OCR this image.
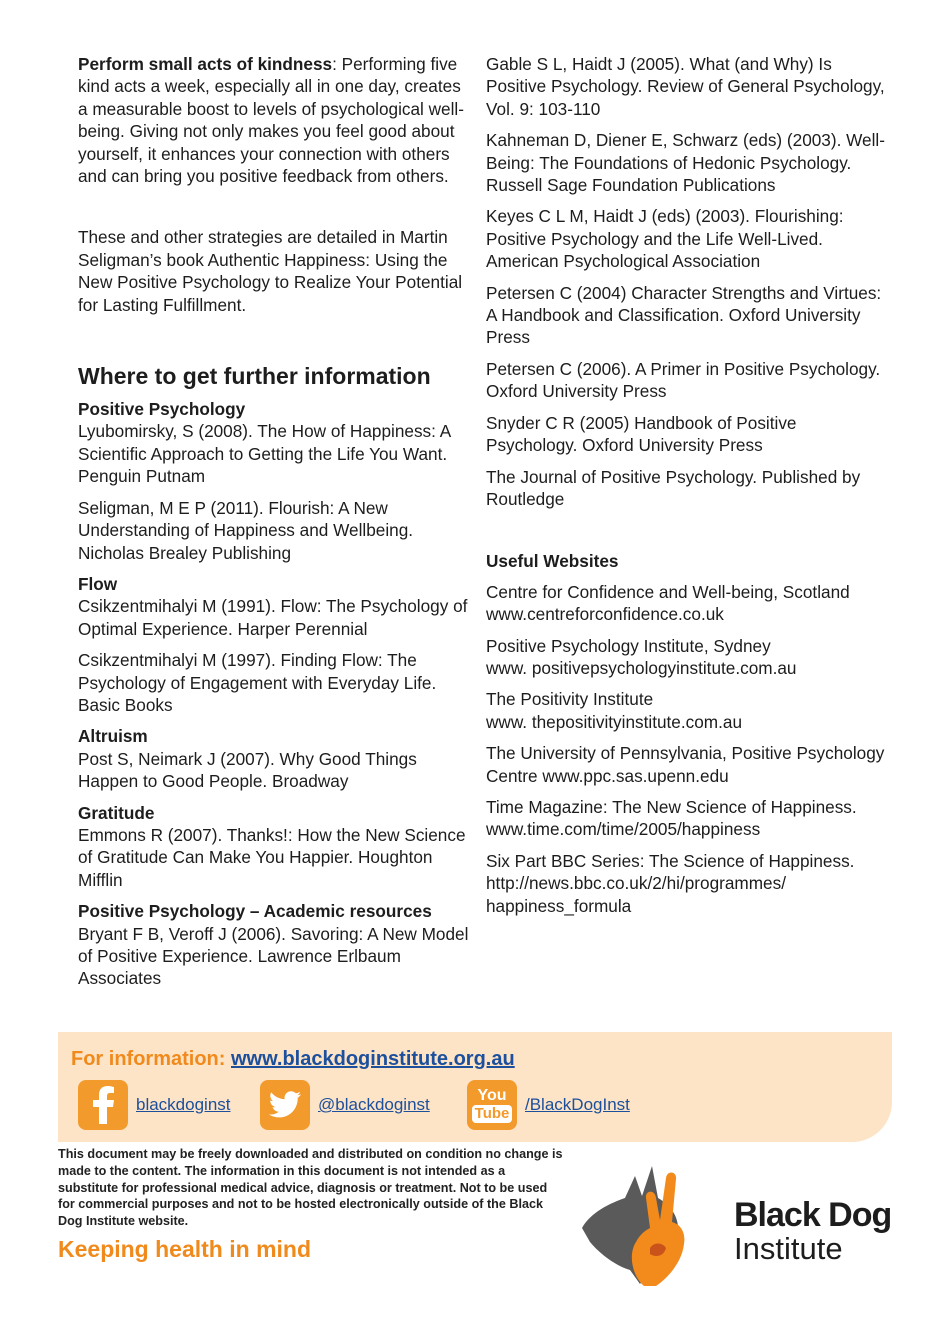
Perform small acts of kindness: Performing five kind acts a week, especially all in one day, creates a measurable boost to levels of psychological well-being. Giving not only makes you feel good about yourself, it enhances your connection with others and can bring you positive feedback from others.

These and other strategies are detailed in Martin Seligman’s book Authentic Happiness: Using the New Positive Psychology to Realize Your Potential for Lasting Fulfillment.

Where to get further information

Positive Psychology

Lyubomirsky, S (2008). The How of Happiness: A Scientific Approach to Getting the Life You Want. Penguin Putnam

Seligman, M E P (2011). Flourish: A New Understanding of Happiness and Wellbeing. Nicholas Brealey Publishing

Flow

Csikzentmihalyi M (1991). Flow: The Psychology of Optimal Experience. Harper Perennial

Csikzentmihalyi M (1997). Finding Flow: The Psychology of Engagement with Everyday Life. Basic Books

Altruism

Post S, Neimark J (2007). Why Good Things Happen to Good People. Broadway

Gratitude

Emmons R (2007). Thanks!: How the New Science of Gratitude Can Make You Happier. Houghton Mifflin

Positive Psychology – Academic resources

Bryant F B, Veroff J (2006). Savoring: A New Model of Positive Experience. Lawrence Erlbaum Associates

Gable S L, Haidt J (2005). What (and Why) Is Positive Psychology. Review of General Psychology, Vol. 9: 103-110

Kahneman D, Diener E, Schwarz (eds) (2003). Well-Being: The Foundations of Hedonic Psychology. Russell Sage Foundation Publications

Keyes C L M, Haidt J (eds) (2003). Flourishing: Positive Psychology and the Life Well-Lived. American Psychological Association

Petersen C (2004) Character Strengths and Virtues: A Handbook and Classification. Oxford University Press

Petersen C (2006). A Primer in Positive Psychology. Oxford University Press

Snyder C R (2005) Handbook of Positive Psychology. Oxford University Press

The Journal of Positive Psychology. Published by Routledge

Useful Websites

Centre for Confidence and Well-being, Scotland
www.centreforconfidence.co.uk

Positive Psychology Institute, Sydney
www. positivepsychologyinstitute.com.au

The Positivity Institute
www. thepositivityinstitute.com.au

The University of Pennsylvania, Positive Psychology Centre www.ppc.sas.upenn.edu

Time Magazine: The New Science of Happiness.
www.time.com/time/2005/happiness

Six Part BBC Series: The Science of Happiness.
http://news.bbc.co.uk/2/hi/programmes/ happiness_formula

For information: www.blackdoginstitute.org.au
blackdoginst	@blackdoginst	You
Tube /BlackDogInst
This document may be freely downloaded and distributed on condition no change is made to the content. The information in this document is not intended as a substitute for professional medical advice, diagnosis or treatment. Not to be used for commercial purposes and not to be hosted electronically outside of the Black Dog Institute website.
Keeping health in mind
Black Dog
Institute
